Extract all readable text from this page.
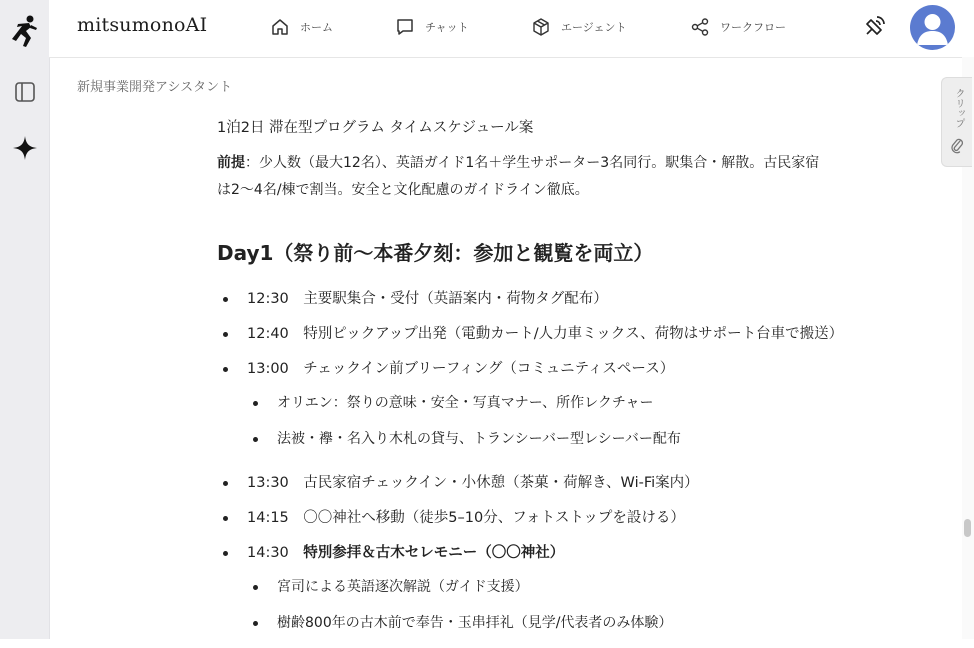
mitsumonoAI	ホーム	チャット	エージェント	ワークフロー
新規事業開発アシスタント

1泊2日 滞在型プログラム タイムスケジュール案

前提：少人数（最大12名）、英語ガイド1名＋学生サポーター3名同行。駅集合・解散。古民家宿
は2〜4名/棟で割当。安全と文化配慮のガイドライン徹底。

Day1（祭り前〜本番夕刻：参加と観覧を両立）
12:30　 主要駅集合・受付（英語案内・荷物タグ配布）
12:40　 特別ピックアップ出発（電動カート/人力車ミックス、荷物はサポート台車で搬送）
13:00　 チェックイン前ブリーフィング（コミュニティスペース）
オリエン：祭りの意味・安全・写真マナー、所作レクチャー
法被・襷・名入り木札の貸与、トランシーバー型レシーバー配布
13:30　 古民家宿チェックイン・小休憩（茶菓・荷解き、Wi-Fi案内）
14:15　 〇〇神社へ移動（徒歩5–10分、フォトストップを設ける）
14:30　 特別参拝＆古木セレモニー（〇〇神社）
宮司による英語逐次解説（ガイド支援）
樹齢800年の古木前で奉告・玉串拝礼（見学/代表者のみ体験）
クリップ
